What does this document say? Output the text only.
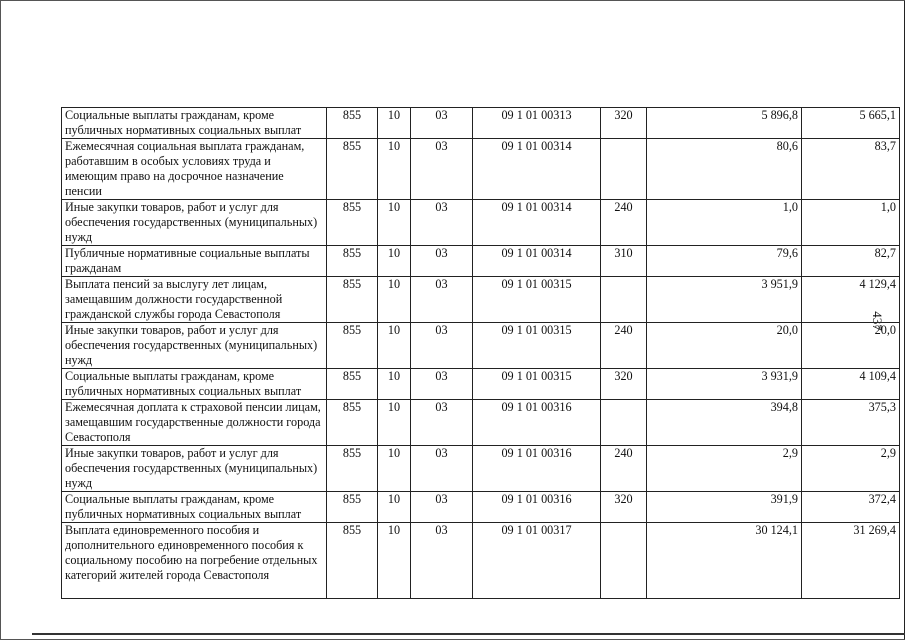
437
Социальные выплаты гражданам, кроме публичных нормативных социальных выплат	855	10	03	09 1 01 00313	320	5 896,8	5 665,1
Ежемесячная социальная выплата гражданам, работавшим в особых условиях труда и имеющим право на досрочное назначение пенсии	855	10	03	09 1 01 00314		80,6	83,7
Иные закупки товаров, работ и услуг для обеспечения государственных (муниципальных) нужд	855	10	03	09 1 01 00314	240	1,0	1,0
Публичные нормативные социальные выплаты гражданам	855	10	03	09 1 01 00314	310	79,6	82,7
Выплата пенсий за выслугу лет лицам, замещавшим должности государственной гражданской службы города Севастополя	855	10	03	09 1 01 00315		3 951,9	4 129,4
Иные закупки товаров, работ и услуг для обеспечения государственных (муниципальных) нужд	855	10	03	09 1 01 00315	240	20,0	20,0
Социальные выплаты гражданам, кроме публичных нормативных социальных выплат	855	10	03	09 1 01 00315	320	3 931,9	4 109,4
Ежемесячная доплата к страховой пенсии лицам, замещавшим государственные должности города Севастополя	855	10	03	09 1 01 00316		394,8	375,3
Иные закупки товаров, работ и услуг для обеспечения государственных (муниципальных) нужд	855	10	03	09 1 01 00316	240	2,9	2,9
Социальные выплаты гражданам, кроме публичных нормативных социальных выплат	855	10	03	09 1 01 00316	320	391,9	372,4
Выплата единовременного пособия и дополнительного единовременного пособия к социальному пособию на погребение отдельных категорий жителей города Севастополя	855	10	03	09 1 01 00317		30 124,1	31 269,4
